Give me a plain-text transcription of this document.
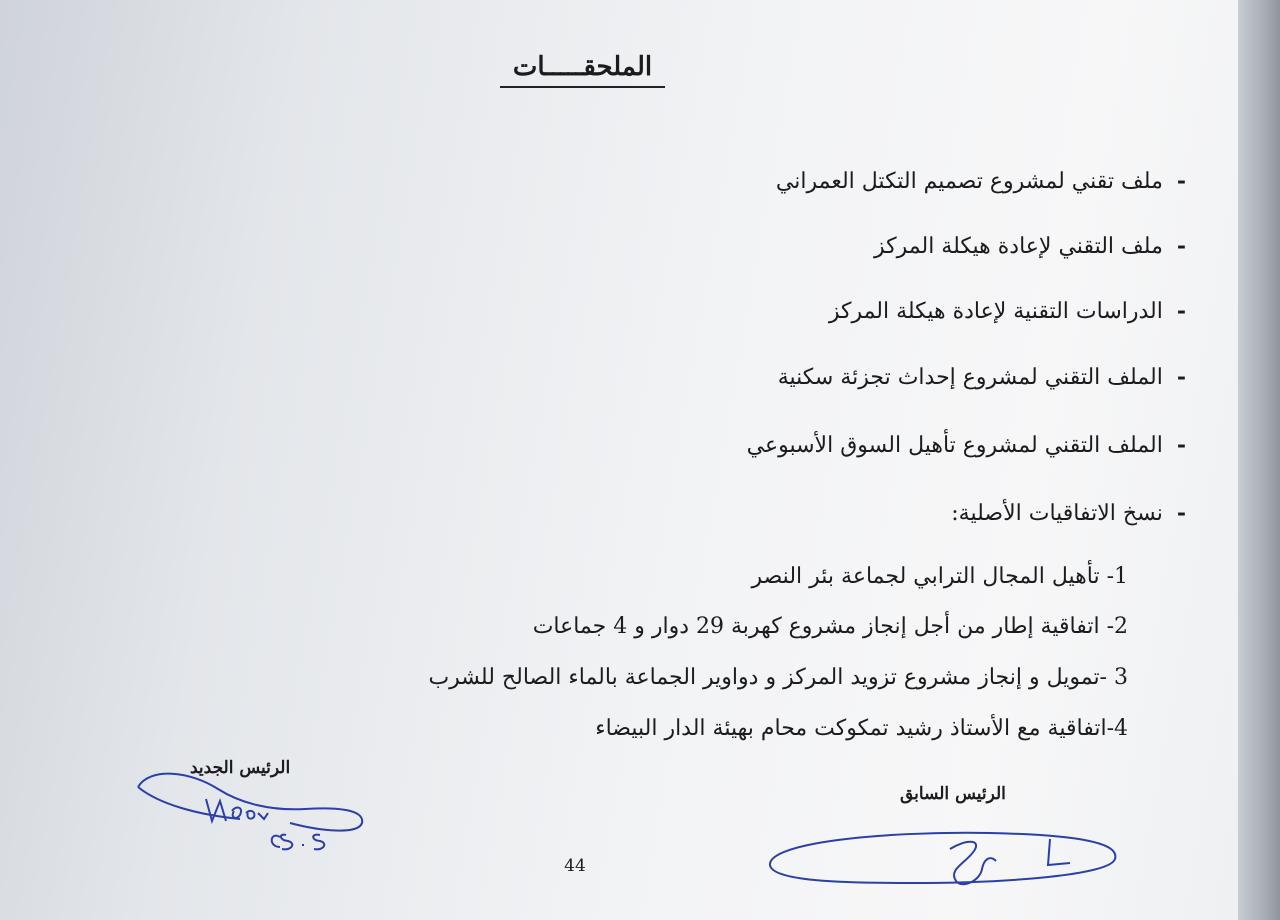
الملحقـــــات
-ملف تقني لمشروع تصميم التكتل العمراني
-ملف التقني لإعادة هيكلة المركز
-الدراسات التقنية لإعادة هيكلة المركز
-الملف التقني لمشروع إحداث تجزئة سكنية
-الملف التقني لمشروع تأهيل السوق الأسبوعي
-نسخ الاتفاقيات الأصلية:
1- تأهيل المجال الترابي لجماعة بئر النصر
2- اتفاقية إطار من أجل إنجاز مشروع كهربة 29 دوار و 4 جماعات
3 -تمويل و إنجاز مشروع تزويد المركز و دواوير الجماعة بالماء الصالح للشرب
4-اتفاقية مع الأستاذ رشيد تمكوكت محام بهيئة الدار البيضاء
الرئيس الجديد
الرئيس السابق
44
